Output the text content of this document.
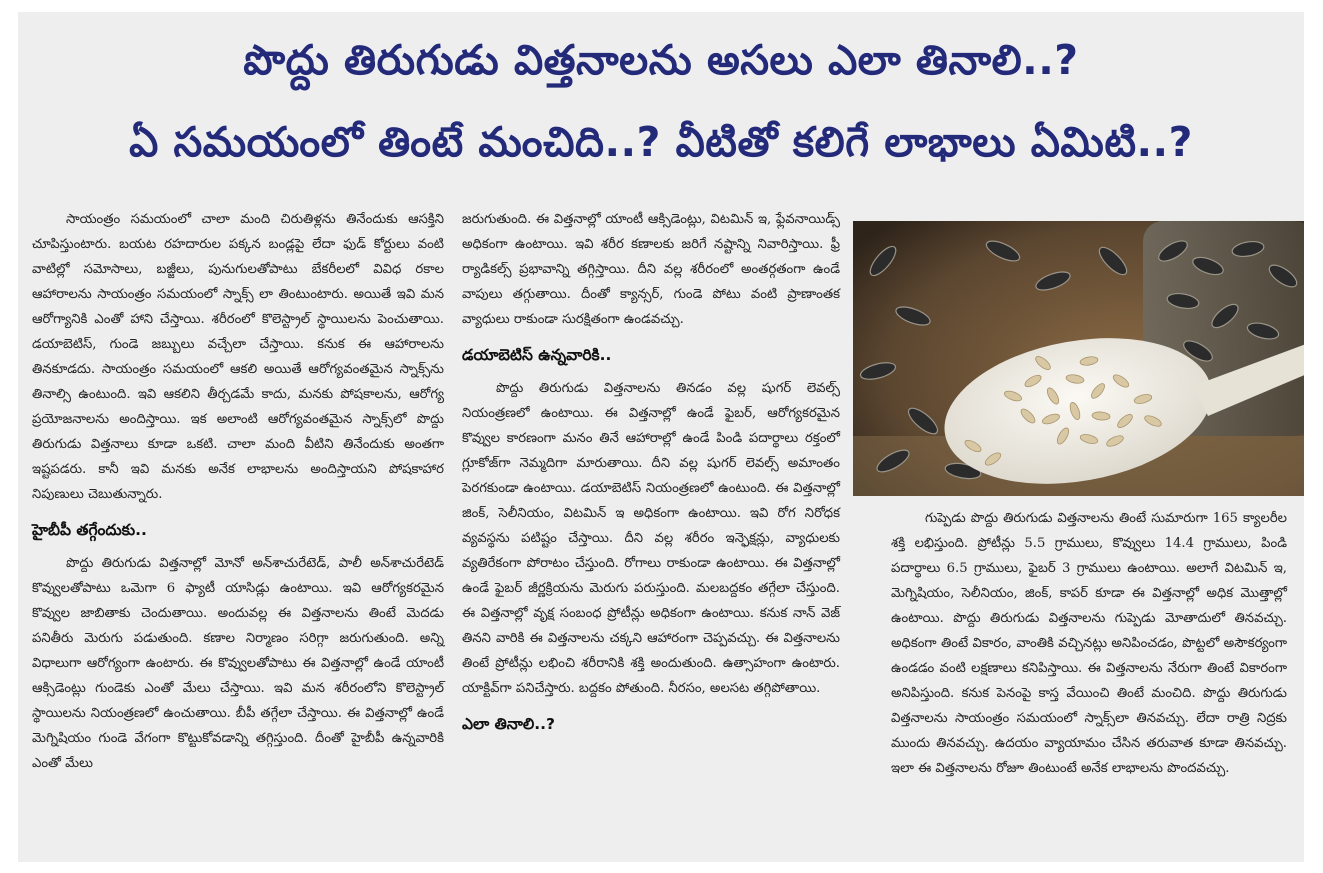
పొద్దు తిరుగుడు విత్తనాలను అసలు ఎలా తినాలి..?
ఏ సమయంలో తింటే మంచిది..? వీటితో కలిగే లాభాలు ఏమిటి..?

సాయంత్రం సమయంలో చాలా మంది చిరుతిళ్లను తినేందుకు ఆసక్తిని చూపిస్తుంటారు. బయట రహదారుల పక్కన బండ్లపై లేదా ఫుడ్ కోర్టులు వంటి వాటిల్లో సమోసాలు, బజ్జీలు, పునుగులతోపాటు బేకరీలలో వివిధ రకాల ఆహారాలను సాయంత్రం సమయంలో స్నాక్స్ లా తింటుంటారు. అయితే ఇవి మన ఆరోగ్యానికి ఎంతో హాని చేస్తాయి. శరీరంలో కొలెస్ట్రాల్ స్థాయిలను పెంచుతాయి. డయాబెటిస్, గుండె జబ్బులు వచ్చేలా చేస్తాయి. కనుక ఈ ఆహారాలను తినకూడదు. సాయంత్రం సమయంలో ఆకలి అయితే ఆరోగ్యవంతమైన స్నాక్స్‌ను తినాల్సి ఉంటుంది. ఇవి ఆకలిని తీర్చడమే కాదు, మనకు పోషకాలను, ఆరోగ్య ప్రయోజనాలను అందిస్తాయి. ఇక అలాంటి ఆరోగ్యవంతమైన స్నాక్స్‌లో పొద్దు తిరుగుడు విత్తనాలు కూడా ఒకటి. చాలా మంది వీటిని తినేందుకు అంతగా ఇష్టపడరు. కానీ ఇవి మనకు అనేక లాభాలను అందిస్తాయని పోషకాహార నిపుణులు చెబుతున్నారు.

హైబీపీ తగ్గేందుకు..

పొద్దు తిరుగుడు విత్తనాల్లో మోనో అన్‌శాచురేటెడ్, పాలీ అన్‌శాచురేటెడ్ కొవ్వులతోపాటు ఒమెగా 6 ఫ్యాటీ యాసిడ్లు ఉంటాయి. ఇవి ఆరోగ్యకరమైన కొవ్వుల జాబితాకు చెందుతాయి. అందువల్ల ఈ విత్తనాలను తింటే మెదడు పనితీరు మెరుగు పడుతుంది. కణాల నిర్మాణం సరిగ్గా జరుగుతుంది. అన్ని విధాలుగా ఆరోగ్యంగా ఉంటారు. ఈ కొవ్వులతోపాటు ఈ విత్తనాల్లో ఉండే యాంటీ ఆక్సిడెంట్లు గుండెకు ఎంతో మేలు చేస్తాయి. ఇవి మన శరీరంలోని కొలెస్ట్రాల్ స్థాయిలను నియంత్రణలో ఉంచుతాయి. బీపీ తగ్గేలా చేస్తాయి. ఈ విత్తనాల్లో ఉండే మెగ్నిషియం గుండె వేగంగా కొట్టుకోవడాన్ని తగ్గిస్తుంది. దీంతో హైబీపీ ఉన్నవారికి ఎంతో మేలు

జరుగుతుంది. ఈ విత్తనాల్లో యాంటీ ఆక్సిడెంట్లు, విటమిన్ ఇ, ఫ్లేవనాయిడ్స్ అధికంగా ఉంటాయి. ఇవి శరీర కణాలకు జరిగే నష్టాన్ని నివారిస్తాయి. ఫ్రీ ర్యాడికల్స్ ప్రభావాన్ని తగ్గిస్తాయి. దీని వల్ల శరీరంలో అంతర్గతంగా ఉండే వాపులు తగ్గుతాయి. దీంతో క్యాన్సర్, గుండె పోటు వంటి ప్రాణాంతక వ్యాధులు రాకుండా సురక్షితంగా ఉండవచ్చు.

డయాబెటిస్ ఉన్నవారికి..

పొద్దు తిరుగుడు విత్తనాలను తినడం వల్ల షుగర్ లెవల్స్ నియంత్రణలో ఉంటాయి. ఈ విత్తనాల్లో ఉండే ఫైబర్, ఆరోగ్యకరమైన కొవ్వుల కారణంగా మనం తినే ఆహారాల్లో ఉండే పిండి పదార్థాలు రక్తంలో గ్లూకోజ్‌గా నెమ్మదిగా మారుతాయి. దీని వల్ల షుగర్ లెవల్స్ అమాంతం పెరగకుండా ఉంటాయి. డయాబెటిస్ నియంత్రణలో ఉంటుంది. ఈ విత్తనాల్లో జింక్, సెలీనియం, విటమిన్ ఇ అధికంగా ఉంటాయి. ఇవి రోగ నిరోధక వ్యవస్థను పటిష్టం చేస్తాయి. దీని వల్ల శరీరం ఇన్ఫెక్షన్లు, వ్యాధులకు వ్యతిరేకంగా పోరాటం చేస్తుంది. రోగాలు రాకుండా ఉంటాయి. ఈ విత్తనాల్లో ఉండే ఫైబర్ జీర్ణక్రియను మెరుగు పరుస్తుంది. మలబద్దకం తగ్గేలా చేస్తుంది. ఈ విత్తనాల్లో వృక్ష సంబంధ ప్రోటీన్లు అధికంగా ఉంటాయి. కనుక నాన్ వెజ్ తినని వారికి ఈ విత్తనాలను చక్కని ఆహారంగా చెప్పవచ్చు. ఈ విత్తనాలను తింటే ప్రోటీన్లు లభించి శరీరానికి శక్తి అందుతుంది. ఉత్సాహంగా ఉంటారు. యాక్టివ్‌గా పనిచేస్తారు. బద్దకం పోతుంది. నీరసం, అలసట తగ్గిపోతాయి.

ఎలా తినాలి..?

గుప్పెడు పొద్దు తిరుగుడు విత్తనాలను తింటే సుమారుగా 165 క్యాలరీల శక్తి లభిస్తుంది. ప్రోటీన్లు 5.5 గ్రాములు, కొవ్వులు 14.4 గ్రాములు, పిండి పదార్థాలు 6.5 గ్రాములు, ఫైబర్ 3 గ్రాములు ఉంటాయి. అలాగే విటమిన్ ఇ, మెగ్నిషియం, సెలీనియం, జింక్, కాపర్ కూడా ఈ విత్తనాల్లో అధిక మొత్తాల్లో ఉంటాయి. పొద్దు తిరుగుడు విత్తనాలను గుప్పెడు మోతాదులో తినవచ్చు. అధికంగా తింటే వికారం, వాంతికి వచ్చినట్లు అనిపించడం, పొట్టలో అసౌకర్యంగా ఉండడం వంటి లక్షణాలు కనిపిస్తాయి. ఈ విత్తనాలను నేరుగా తింటే వికారంగా అనిపిస్తుంది. కనుక పెనంపై కాస్త వేయించి తింటే మంచిది. పొద్దు తిరుగుడు విత్తనాలను సాయంత్రం సమయంలో స్నాక్స్‌లా తినవచ్చు. లేదా రాత్రి నిద్రకు ముందు తినవచ్చు. ఉదయం వ్యాయామం చేసిన తరువాత కూడా తినవచ్చు. ఇలా ఈ విత్తనాలను రోజూ తింటుంటే అనేక లాభాలను పొందవచ్చు.
